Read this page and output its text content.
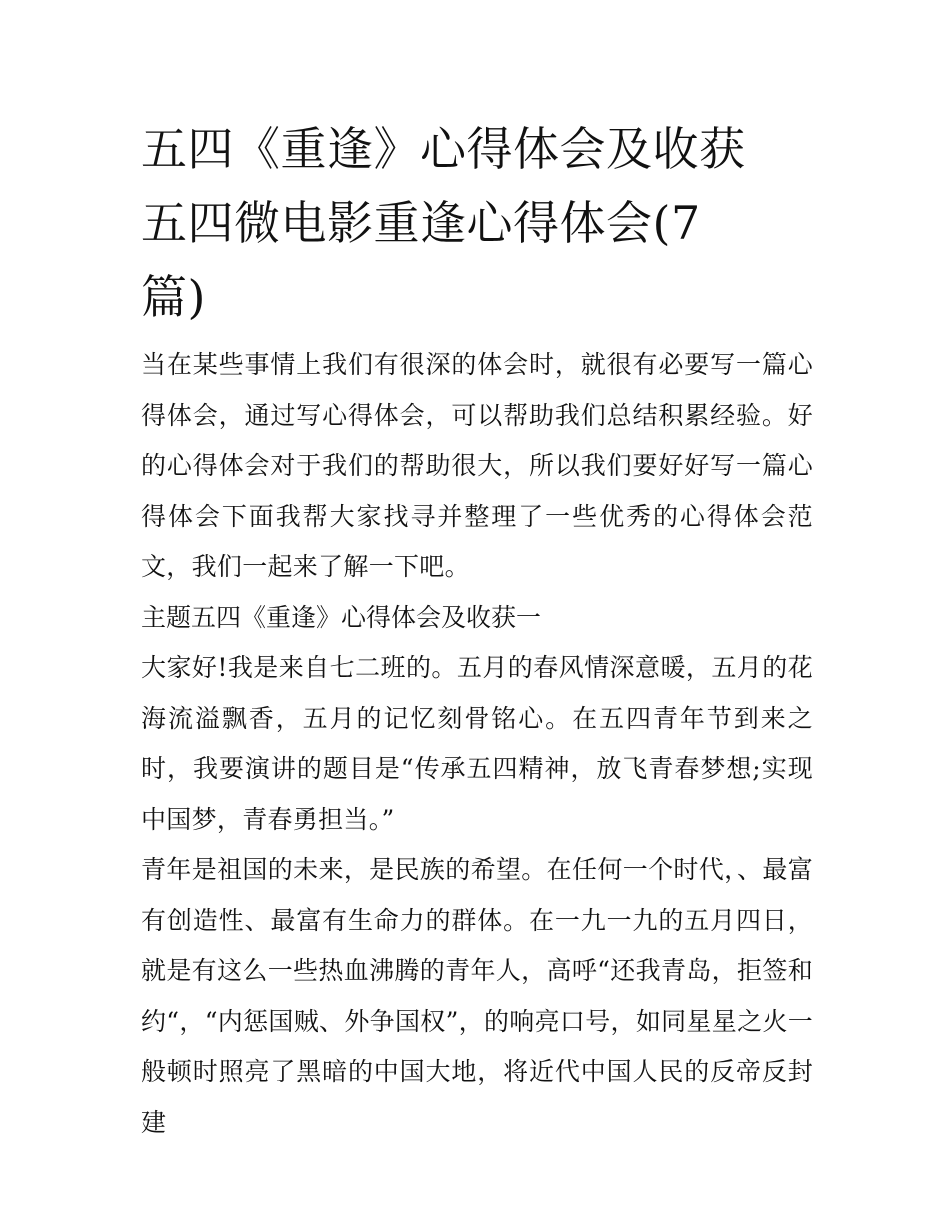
五四《重逢》心得体会及收获
五四微电影重逢心得体会(7
篇)

当在某些事情上我们有很深的体会时，就很有必要写一篇心得体会，通过写心得体会，可以帮助我们总结积累经验。好的心得体会对于我们的帮助很大，所以我们要好好写一篇心得体会下面我帮大家找寻并整理了一些优秀的心得体会范文，我们一起来了解一下吧。

主题五四《重逢》心得体会及收获一

大家好!我是来自七二班的。五月的春风情深意暖，五月的花海流溢飘香，五月的记忆刻骨铭心。在五四青年节到来之时，我要演讲的题目是“传承五四精神，放飞青春梦想;实现中国梦，青春勇担当。”

青年是祖国的未来，是民族的希望。在任何一个时代，、最富有创造性、最富有生命力的群体。在一九一九的五月四日，就是有这么一些热血沸腾的青年人，高呼“还我青岛，拒签和约“，“内惩国贼、外争国权”，的响亮口号，如同星星之火一般顿时照亮了黑暗的中国大地，将近代中国人民的反帝反封建
